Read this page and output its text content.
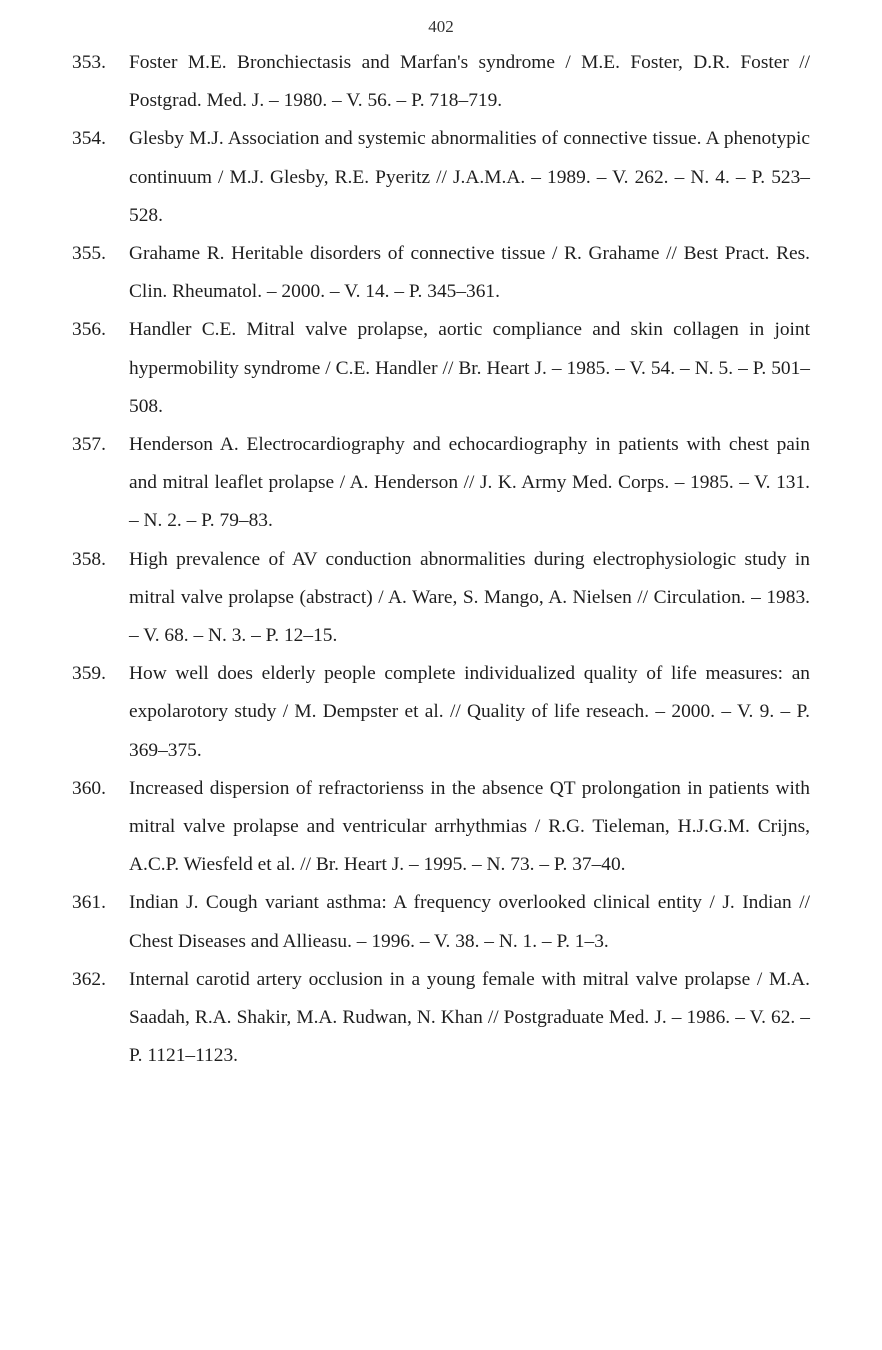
402
353. Foster M.E. Bronchiectasis and Marfan's syndrome / M.E. Foster, D.R. Foster // Postgrad. Med. J. – 1980. – V. 56. – P. 718–719.
354. Glesby M.J. Association and systemic abnormalities of connective tissue. A phenotypic continuum / M.J. Glesby, R.E. Pyeritz // J.A.M.A. – 1989. – V. 262. – N. 4. – P. 523–528.
355. Grahame R. Heritable disorders of connective tissue / R. Grahame // Best Pract. Res. Clin. Rheumatol. – 2000. – V. 14. – P. 345–361.
356. Handler C.E. Mitral valve prolapse, aortic compliance and skin collagen in joint hypermobility syndrome / C.E. Handler // Br. Heart J. – 1985. – V. 54. – N. 5. – P. 501–508.
357. Henderson A. Electrocardiography and echocardiography in patients with chest pain and mitral leaflet prolapse / A. Henderson // J. K. Army Med. Corps. – 1985. – V. 131. – N. 2. – P. 79–83.
358. High prevalence of AV conduction abnormalities during electrophysiologic study in mitral valve prolapse (abstract) / A. Ware, S. Mango, A. Nielsen // Circulation. – 1983. – V. 68. – N. 3. – P. 12–15.
359. How well does elderly people complete individualized quality of life measures: an expolarotory study / M. Dempster et al. // Quality of life reseach. – 2000. – V. 9. – P. 369–375.
360. Increased dispersion of refractorienss in the absence QT prolongation in patients with mitral valve prolapse and ventricular arrhythmias / R.G. Tieleman, H.J.G.M. Crijns, A.C.P. Wiesfeld et al. // Br. Heart J. – 1995. – N. 73. – P. 37–40.
361. Indian J. Cough variant asthma: A frequency overlooked clinical entity / J. Indian // Chest Diseases and Allieasu. – 1996. – V. 38. – N. 1. – P. 1–3.
362. Internal carotid artery occlusion in a young female with mitral valve prolapse / M.A. Saadah, R.A. Shakir, M.A. Rudwan, N. Khan // Postgraduate Med. J. – 1986. – V. 62. – P. 1121–1123.
